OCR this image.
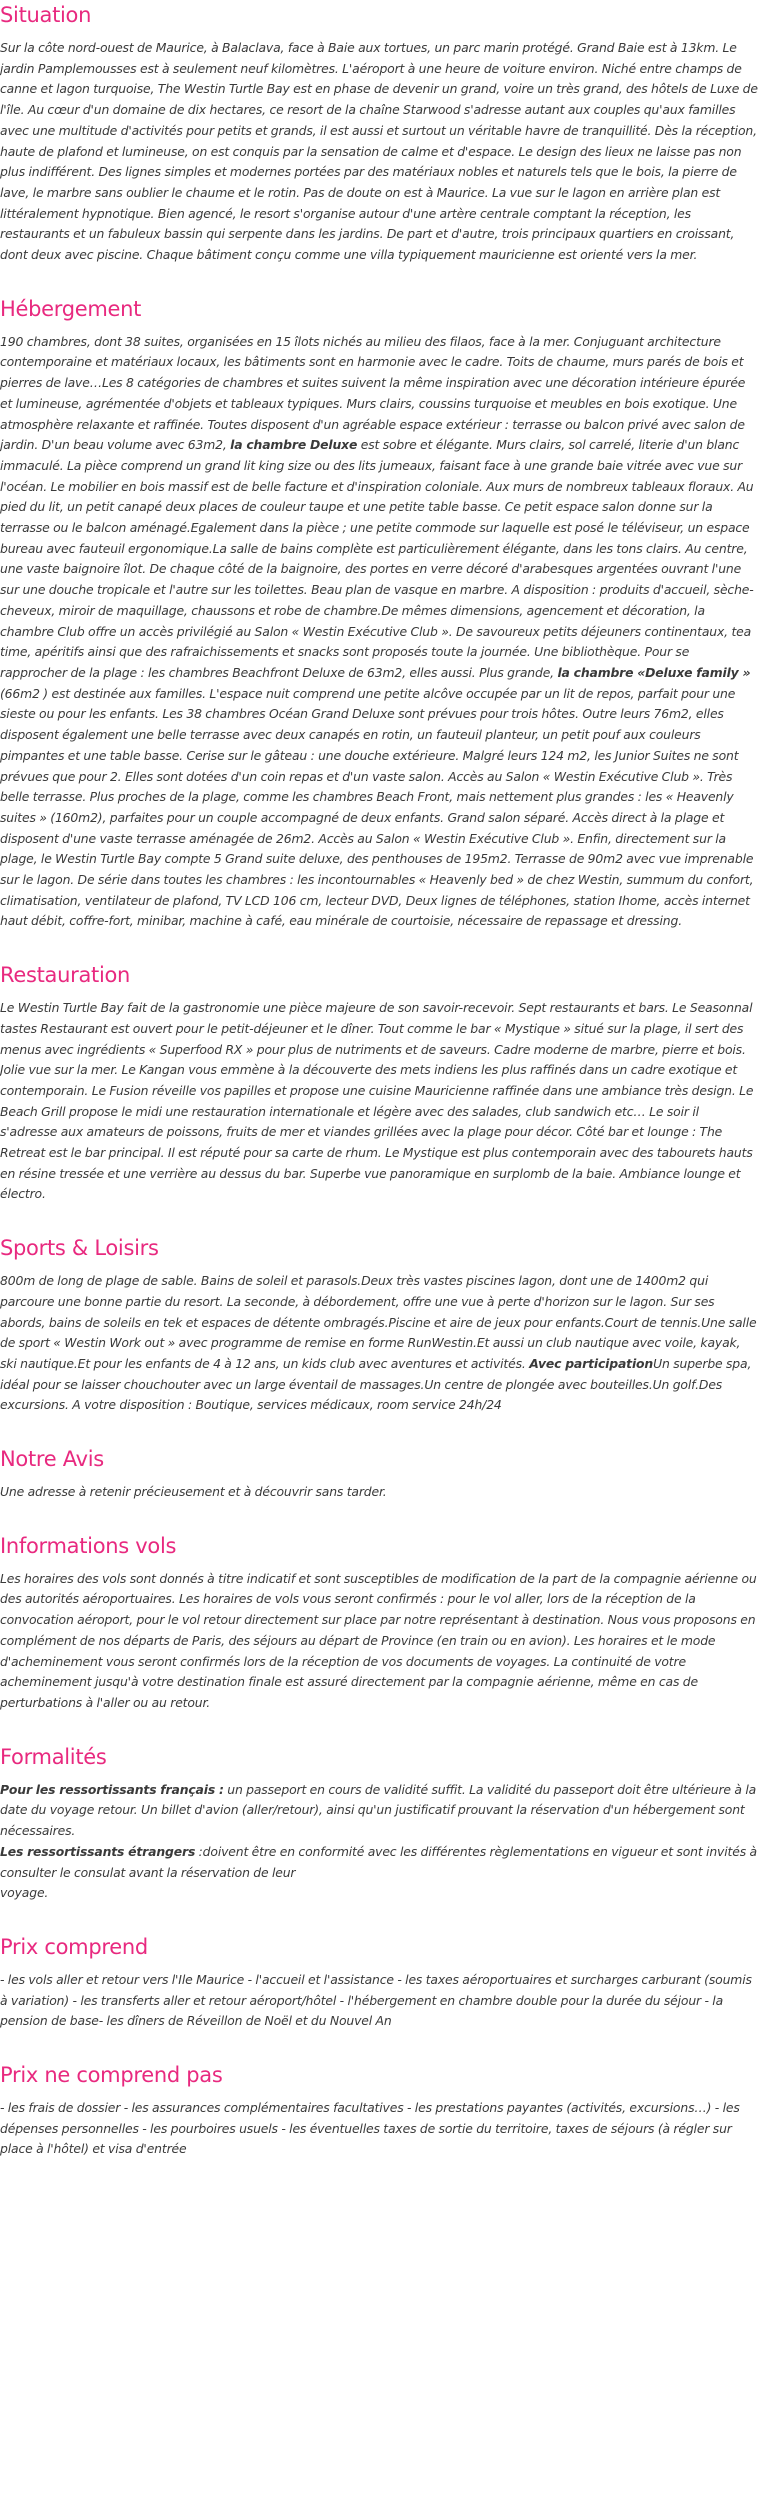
Situation

Sur la côte nord-ouest de Maurice, à Balaclava, face à Baie aux tortues, un parc marin protégé. Grand Baie est à 13km. Le jardin Pamplemousses est à seulement neuf kilomètres. L'aéroport à une heure de voiture environ. Niché entre champs de canne et lagon turquoise, The Westin Turtle Bay est en phase de devenir un grand, voire un très grand, des hôtels de Luxe de l'île. Au cœur d'un domaine de dix hectares, ce resort de la chaîne Starwood s'adresse autant aux couples qu'aux familles avec une multitude d'activités pour petits et grands, il est aussi et surtout un véritable havre de tranquillité. Dès la réception, haute de plafond et lumineuse, on est conquis par la sensation de calme et d'espace. Le design des lieux ne laisse pas non plus indifférent. Des lignes simples et modernes portées par des matériaux nobles et naturels tels que le bois, la pierre de lave, le marbre sans oublier le chaume et le rotin. Pas de doute on est à Maurice. La vue sur le lagon en arrière plan est littéralement hypnotique. Bien agencé, le resort s'organise autour d'une artère centrale comptant la réception, les restaurants et un fabuleux bassin qui serpente dans les jardins. De part et d'autre, trois principaux quartiers en croissant, dont deux avec piscine. Chaque bâtiment conçu comme une villa typiquement mauricienne est orienté vers la mer.

Hébergement

190 chambres, dont 38 suites, organisées en 15 îlots nichés au milieu des filaos, face à la mer. Conjuguant architecture contemporaine et matériaux locaux, les bâtiments sont en harmonie avec le cadre. Toits de chaume, murs parés de bois et pierres de lave…Les 8 catégories de chambres et suites suivent la même inspiration avec une décoration intérieure épurée et lumineuse, agrémentée d'objets et tableaux typiques. Murs clairs, coussins turquoise et meubles en bois exotique. Une atmosphère relaxante et raffinée. Toutes disposent d'un agréable espace extérieur : terrasse ou balcon privé avec salon de jardin. D'un beau volume avec 63m2, la chambre Deluxe est sobre et élégante. Murs clairs, sol carrelé, literie d'un blanc immaculé. La pièce comprend un grand lit king size ou des lits jumeaux, faisant face à une grande baie vitrée avec vue sur l'océan. Le mobilier en bois massif est de belle facture et d'inspiration coloniale. Aux murs de nombreux tableaux floraux. Au pied du lit, un petit canapé deux places de couleur taupe et une petite table basse. Ce petit espace salon donne sur la terrasse ou le balcon aménagé.Egalement dans la pièce ; une petite commode sur laquelle est posé le téléviseur, un espace bureau avec fauteuil ergonomique.La salle de bains complète est particulièrement élégante, dans les tons clairs. Au centre, une vaste baignoire îlot. De chaque côté de la baignoire, des portes en verre décoré d'arabesques argentées ouvrant l'une sur une douche tropicale et l'autre sur les toilettes. Beau plan de vasque en marbre. A disposition : produits d'accueil, sèche-cheveux, miroir de maquillage, chaussons et robe de chambre.De mêmes dimensions, agencement et décoration, la chambre Club offre un accès privilégié au Salon « Westin Exécutive Club ». De savoureux petits déjeuners continentaux, tea time, apéritifs ainsi que des rafraichissements et snacks sont proposés toute la journée. Une bibliothèque. Pour se rapprocher de la plage : les chambres Beachfront Deluxe de 63m2, elles aussi. Plus grande, la chambre «Deluxe family » (66m2 ) est destinée aux familles. L'espace nuit comprend une petite alcôve occupée par un lit de repos, parfait pour une sieste ou pour les enfants. Les 38 chambres Océan Grand Deluxe sont prévues pour trois hôtes. Outre leurs 76m2, elles disposent également une belle terrasse avec deux canapés en rotin, un fauteuil planteur, un petit pouf aux couleurs pimpantes et une table basse. Cerise sur le gâteau : une douche extérieure. Malgré leurs 124 m2, les Junior Suites ne sont prévues que pour 2. Elles sont dotées d'un coin repas et d'un vaste salon. Accès au Salon « Westin Exécutive Club ». Très belle terrasse. Plus proches de la plage, comme les chambres Beach Front, mais nettement plus grandes : les « Heavenly suites » (160m2), parfaites pour un couple accompagné de deux enfants. Grand salon séparé. Accès direct à la plage et disposent d'une vaste terrasse aménagée de 26m2. Accès au Salon « Westin Exécutive Club ». Enfin, directement sur la plage, le Westin Turtle Bay compte 5 Grand suite deluxe, des penthouses de 195m2. Terrasse de 90m2 avec vue imprenable sur le lagon. De série dans toutes les chambres : les incontournables « Heavenly bed » de chez Westin, summum du confort, climatisation, ventilateur de plafond, TV LCD 106 cm, lecteur DVD, Deux lignes de téléphones, station Ihome, accès internet haut débit, coffre-fort, minibar, machine à café, eau minérale de courtoisie, nécessaire de repassage et dressing.

Restauration

Le Westin Turtle Bay fait de la gastronomie une pièce majeure de son savoir-recevoir. Sept restaurants et bars. Le Seasonnal tastes Restaurant est ouvert pour le petit-déjeuner et le dîner. Tout comme le bar « Mystique » situé sur la plage, il sert des menus avec ingrédients « Superfood RX » pour plus de nutriments et de saveurs. Cadre moderne de marbre, pierre et bois. Jolie vue sur la mer. Le Kangan vous emmène à la découverte des mets indiens les plus raffinés dans un cadre exotique et contemporain. Le Fusion réveille vos papilles et propose une cuisine Mauricienne raffinée dans une ambiance très design. Le Beach Grill propose le midi une restauration internationale et légère avec des salades, club sandwich etc… Le soir il s'adresse aux amateurs de poissons, fruits de mer et viandes grillées avec la plage pour décor. Côté bar et lounge : The Retreat est le bar principal. Il est réputé pour sa carte de rhum. Le Mystique est plus contemporain avec des tabourets hauts en résine tressée et une verrière au dessus du bar. Superbe vue panoramique en surplomb de la baie. Ambiance lounge et électro.

Sports & Loisirs

800m de long de plage de sable. Bains de soleil et parasols.Deux très vastes piscines lagon, dont une de 1400m2 qui parcoure une bonne partie du resort. La seconde, à débordement, offre une vue à perte d'horizon sur le lagon. Sur ses abords, bains de soleils en tek et espaces de détente ombragés.Piscine et aire de jeux pour enfants.Court de tennis.Une salle de sport « Westin Work out » avec programme de remise en forme RunWestin.Et aussi un club nautique avec voile, kayak, ski nautique.Et pour les enfants de 4 à 12 ans, un kids club avec aventures et activités. Avec participationUn superbe spa, idéal pour se laisser chouchouter avec un large éventail de massages.Un centre de plongée avec bouteilles.Un golf.Des excursions. A votre disposition : Boutique, services médicaux, room service 24h/24

Notre Avis

Une adresse à retenir précieusement et à découvrir sans tarder.

Informations vols

Les horaires des vols sont donnés à titre indicatif et sont susceptibles de modification de la part de la compagnie aérienne ou des autorités aéroportuaires. Les horaires de vols vous seront confirmés : pour le vol aller, lors de la réception de la convocation aéroport, pour le vol retour directement sur place par notre représentant à destination. Nous vous proposons en complément de nos départs de Paris, des séjours au départ de Province (en train ou en avion). Les horaires et le mode d'acheminement vous seront confirmés lors de la réception de vos documents de voyages. La continuité de votre acheminement jusqu'à votre destination finale est assuré directement par la compagnie aérienne, même en cas de perturbations à l'aller ou au retour.

Formalités

Pour les ressortissants français : un passeport en cours de validité suffit. La validité du passeport doit être ultérieure à la date du voyage retour. Un billet d'avion (aller/retour), ainsi qu'un justificatif prouvant la réservation d'un hébergement sont nécessaires.
Les ressortissants étrangers :doivent être en conformité avec les différentes règlementations en vigueur et sont invités à consulter le consulat avant la réservation de leur
voyage.

Prix comprend

- les vols aller et retour vers l'Ile Maurice - l'accueil et l'assistance - les taxes aéroportuaires et surcharges carburant (soumis à variation) - les transferts aller et retour aéroport/hôtel - l'hébergement en chambre double pour la durée du séjour - la pension de base- les dîners de Réveillon de Noël et du Nouvel An

Prix ne comprend pas

- les frais de dossier - les assurances complémentaires facultatives - les prestations payantes (activités, excursions…) - les dépenses personnelles - les pourboires usuels - les éventuelles taxes de sortie du territoire, taxes de séjours (à régler sur place à l'hôtel) et visa d'entrée
